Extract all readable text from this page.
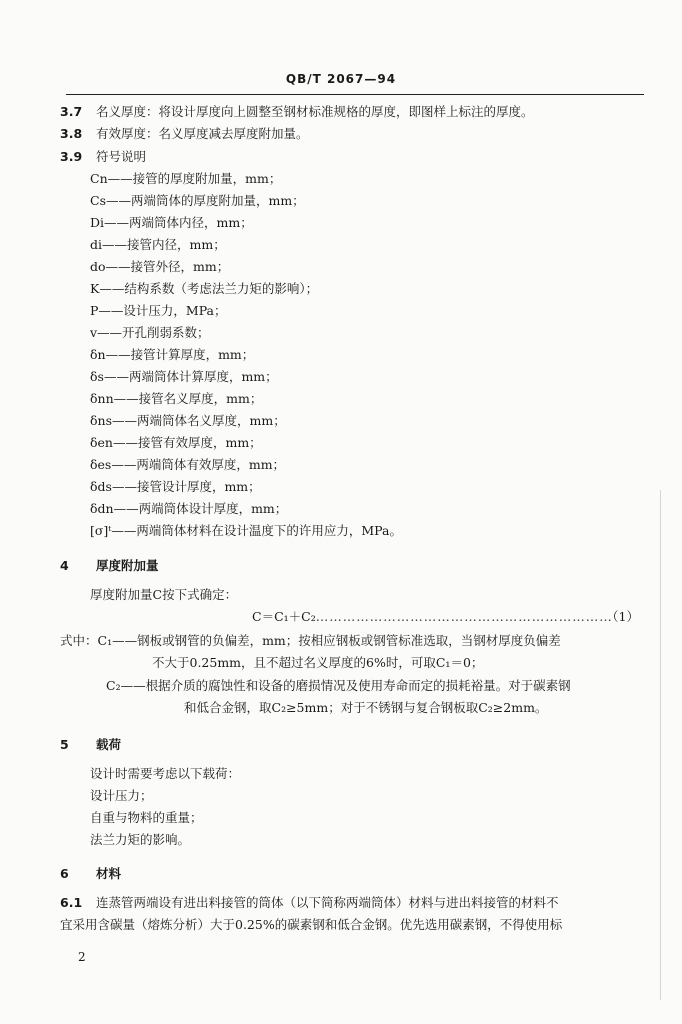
QB/T 2067—94
3.7 名义厚度：将设计厚度向上圆整至钢材标准规格的厚度，即图样上标注的厚度。
3.8 有效厚度：名义厚度减去厚度附加量。
3.9 符号说明
Cn——接管的厚度附加量，mm；
Cs——两端筒体的厚度附加量，mm；
Di——两端筒体内径，mm；
di——接管内径，mm；
do——接管外径，mm；
K——结构系数（考虑法兰力矩的影响）；
P——设计压力，MPa；
v——开孔削弱系数；
δn——接管计算厚度，mm；
δs——两端筒体计算厚度，mm；
δnn——接管名义厚度，mm；
δns——两端筒体名义厚度，mm；
δen——接管有效厚度，mm；
δes——两端筒体有效厚度，mm；
δds——接管设计厚度，mm；
δdn——两端筒体设计厚度，mm；
[σ]ᵗ——两端筒体材料在设计温度下的许用应力，MPa。
4 厚度附加量
厚度附加量C按下式确定：
C＝C₁＋C₂…………………………………………………………
（1）
式中：C₁——钢板或钢管的负偏差，mm；按相应钢板或钢管标准选取，当钢材厚度负偏差
不大于0.25mm，且不超过名义厚度的6%时，可取C₁＝0；
C₂——根据介质的腐蚀性和设备的磨损情况及使用寿命而定的损耗裕量。对于碳素钢
和低合金钢，取C₂≥5mm；对于不锈钢与复合钢板取C₂≥2mm。
5 载荷
设计时需要考虑以下载荷：
设计压力；
自重与物料的重量；
法兰力矩的影响。
6 材料
6.1 连蒸管两端设有进出料接管的筒体（以下简称两端筒体）材料与进出料接管的材料不
宜采用含碳量（熔炼分析）大于0.25%的碳素钢和低合金钢。优先选用碳素钢，不得使用标
2
